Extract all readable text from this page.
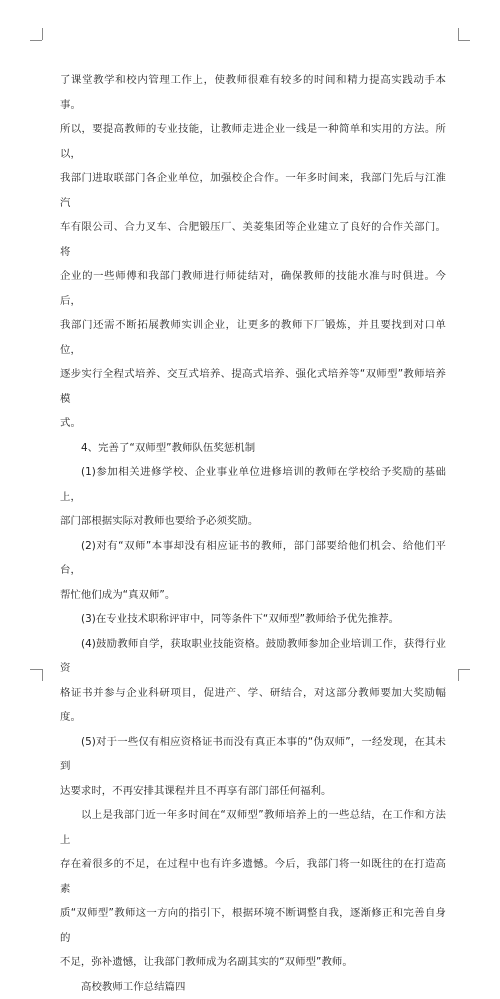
了课堂教学和校内管理工作上，使教师很难有较多的时间和精力提高实践动手本事。

所以，要提高教师的专业技能，让教师走进企业一线是一种简单和实用的方法。所以，

我部门进取联部门各企业单位，加强校企合作。一年多时间来，我部门先后与江淮汽

车有限公司、合力叉车、合肥锻压厂、美菱集团等企业建立了良好的合作关部门。将

企业的一些师傅和我部门教师进行师徒结对，确保教师的技能水准与时俱进。今后，

我部门还需不断拓展教师实训企业，让更多的教师下厂锻炼，并且要找到对口单位，

逐步实行全程式培养、交互式培养、提高式培养、强化式培养等“双师型”教师培养模

式。

4、完善了“双师型”教师队伍奖惩机制

(1)参加相关进修学校、企业事业单位进修培训的教师在学校给予奖励的基础上，

部门部根据实际对教师也要给予必须奖励。

(2)对有“双师”本事却没有相应证书的教师，部门部要给他们机会、给他们平台，

帮忙他们成为“真双师”。

(3)在专业技术职称评审中，同等条件下“双师型”教师给予优先推荐。

(4)鼓励教师自学，获取职业技能资格。鼓励教师参加企业培训工作，获得行业资

格证书并参与企业科研项目，促进产、学、研结合，对这部分教师要加大奖励幅度。

(5)对于一些仅有相应资格证书而没有真正本事的“伪双师”，一经发现，在其未到

达要求时，不再安排其课程并且不再享有部门部任何福利。

以上是我部门近一年多时间在“双师型”教师培养上的一些总结，在工作和方法上

存在着很多的不足，在过程中也有许多遗憾。今后，我部门将一如既往的在打造高素

质“双师型”教师这一方向的指引下，根据环境不断调整自我，逐渐修正和完善自身的

不足，弥补遗憾，让我部门教师成为名副其实的“双师型”教师。

高校教师工作总结篇四
